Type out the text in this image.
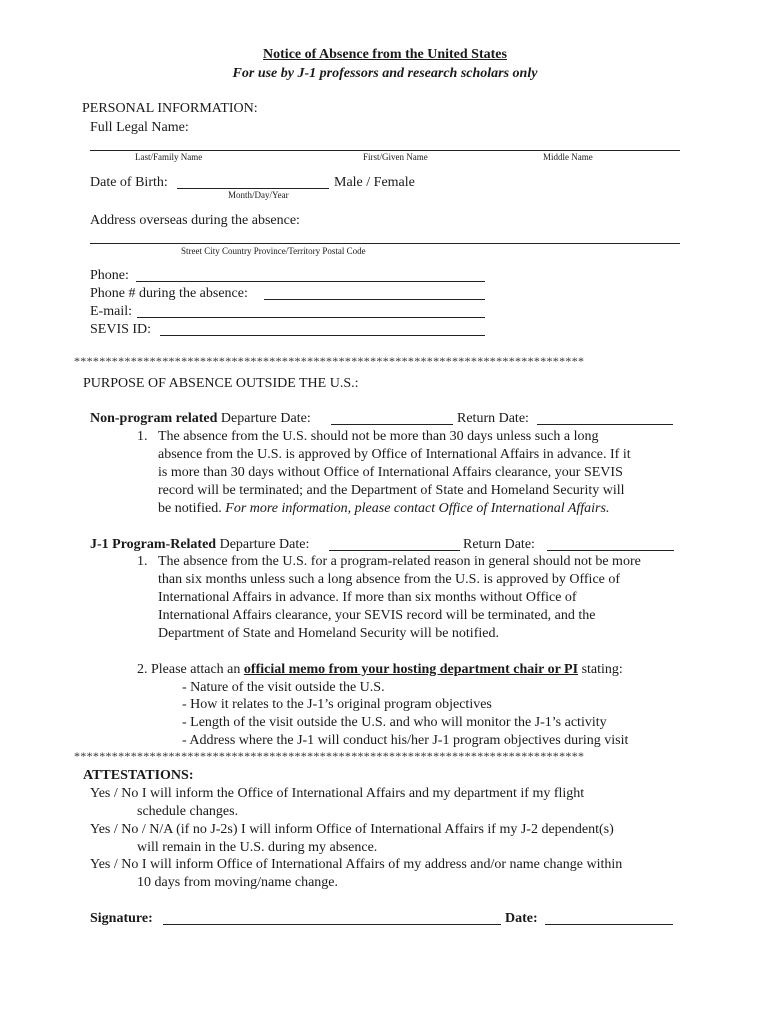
Notice of Absence from the United States
For use by J-1 professors and research scholars only
PERSONAL INFORMATION:
Full Legal Name:
Last/Family Name	First/Given Name	Middle Name
Date of Birth:	Male / Female
Month/Day/Year
Address overseas during the absence:
Street City Country Province/Territory Postal Code
Phone:
Phone # during the absence:
E-mail:
SEVIS ID:
*********************************************************************************
PURPOSE OF ABSENCE OUTSIDE THE U.S.:
Non-program related Departure Date:	Return Date:
1. The absence from the U.S. should not be more than 30 days unless such a long
absence from the U.S. is approved by Office of International Affairs in advance. If it
is more than 30 days without Office of International Affairs clearance, your SEVIS
record will be terminated; and the Department of State and Homeland Security will
be notified. For more information, please contact Office of International Affairs.
J-1 Program-Related Departure Date:	Return Date:
1. The absence from the U.S. for a program-related reason in general should not be more
than six months unless such a long absence from the U.S. is approved by Office of
International Affairs in advance. If more than six months without Office of
International Affairs clearance, your SEVIS record will be terminated, and the
Department of State and Homeland Security will be notified.
2. Please attach an official memo from your hosting department chair or PI stating:
- Nature of the visit outside the U.S.
- How it relates to the J-1’s original program objectives
- Length of the visit outside the U.S. and who will monitor the J-1’s activity
- Address where the J-1 will conduct his/her J-1 program objectives during visit
*********************************************************************************
ATTESTATIONS:
Yes / No I will inform the Office of International Affairs and my department if my flight
schedule changes.
Yes / No / N/A (if no J-2s) I will inform Office of International Affairs if my J-2 dependent(s)
will remain in the U.S. during my absence.
Yes / No I will inform Office of International Affairs of my address and/or name change within
10 days from moving/name change.
Signature:	Date:
